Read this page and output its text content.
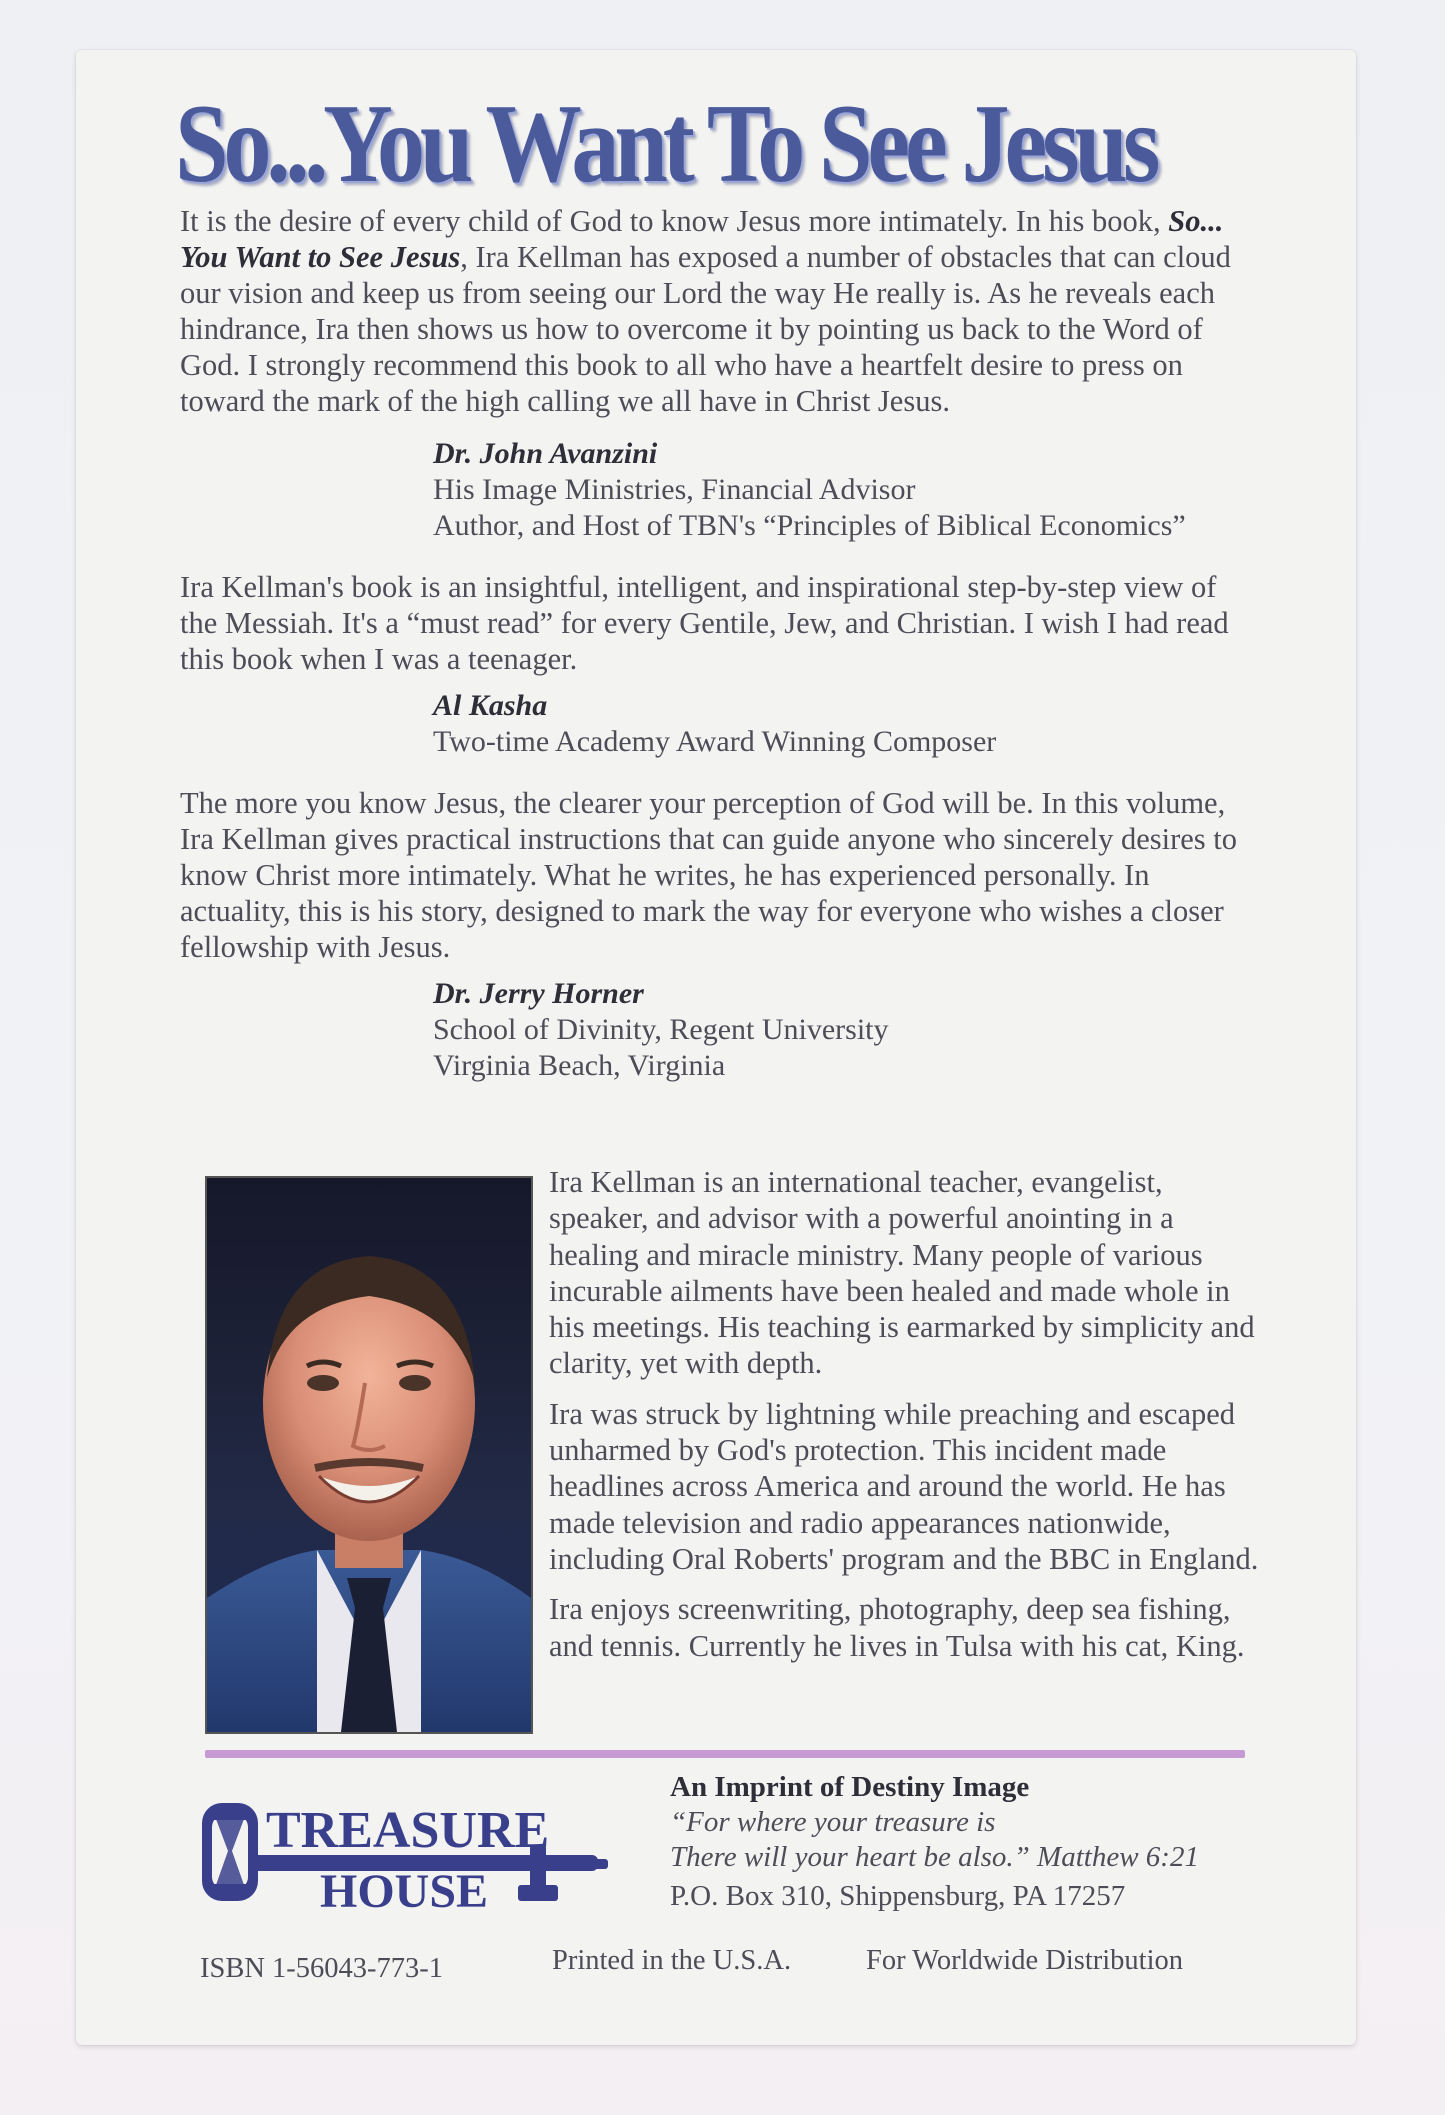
So...You Want To See Jesus

It is the desire of every child of God to know Jesus more intimately. In his book, So... You Want to See Jesus, Ira Kellman has exposed a number of obstacles that can cloud our vision and keep us from seeing our Lord the way He really is. As he reveals each hindrance, Ira then shows us how to overcome it by pointing us back to the Word of God. I strongly recommend this book to all who have a heartfelt desire to press on toward the mark of the high calling we all have in Christ Jesus.

Dr. John Avanzini
His Image Ministries, Financial Advisor
Author, and Host of TBN's “Principles of Biblical Economics”

Ira Kellman's book is an insightful, intelligent, and inspirational step-by-step view of the Messiah. It's a “must read” for every Gentile, Jew, and Christian. I wish I had read this book when I was a teenager.

Al Kasha
Two-time Academy Award Winning Composer

The more you know Jesus, the clearer your perception of God will be. In this volume, Ira Kellman gives practical instructions that can guide anyone who sincerely desires to know Christ more intimately. What he writes, he has experienced personally. In actuality, this is his story, designed to mark the way for everyone who wishes a closer fellowship with Jesus.

Dr. Jerry Horner
School of Divinity, Regent University
Virginia Beach, Virginia

Ira Kellman is an international teacher, evangelist, speaker, and advisor with a powerful anointing in a healing and miracle ministry. Many people of various incurable ailments have been healed and made whole in his meetings. His teaching is earmarked by simplicity and clarity, yet with depth.

Ira was struck by lightning while preaching and escaped unharmed by God's protection. This incident made headlines across America and around the world. He has made television and radio appearances nationwide, including Oral Roberts' program and the BBC in England.

Ira enjoys screenwriting, photography, deep sea fishing, and tennis. Currently he lives in Tulsa with his cat, King.

TREASURE
HOUSE
An Imprint of Destiny Image
“For where your treasure is
There will your heart be also.” Matthew 6:21
P.O. Box 310, Shippensburg, PA 17257
ISBN 1-56043-773-1	Printed in the U.S.A.	For Worldwide Distribution
